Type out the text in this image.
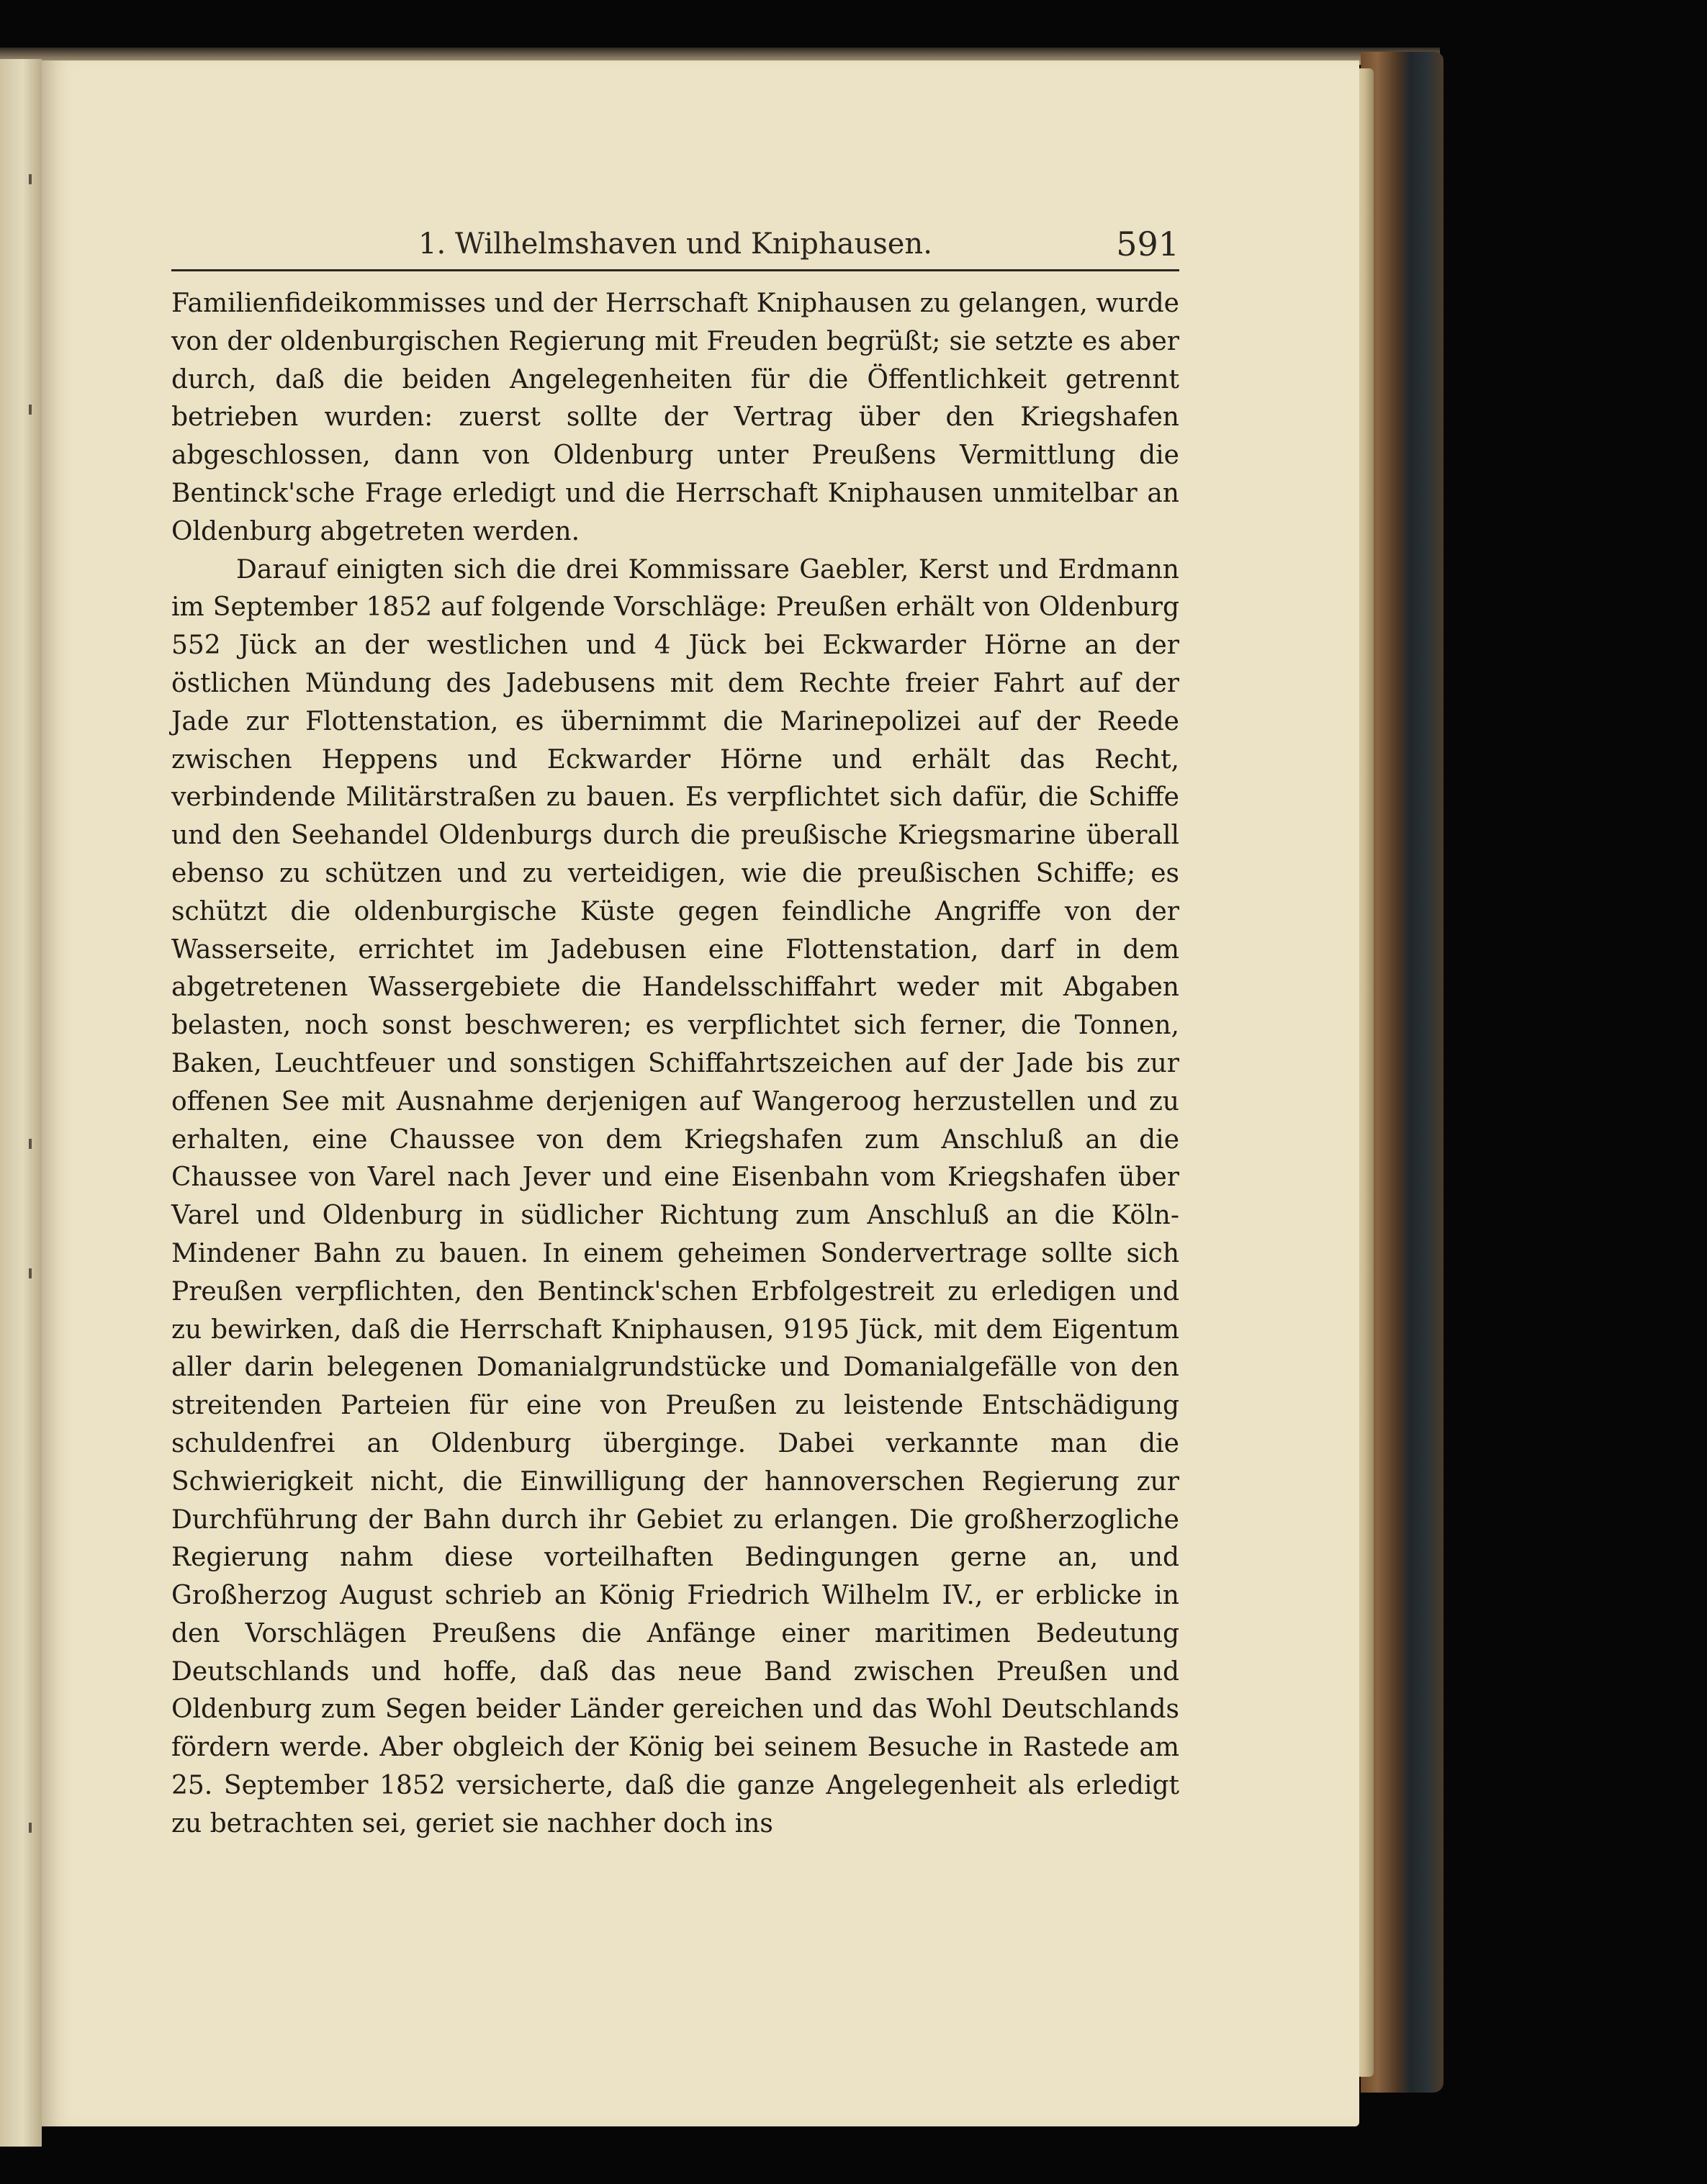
1. Wilhelmshaven und Kniphausen.	591

Familienfideikommisses und der Herrschaft Kniphausen zu gelangen, wurde von der oldenburgischen Regierung mit Freuden begrüßt; sie setzte es aber durch, daß die beiden Angelegenheiten für die Öffentlichkeit getrennt betrieben wurden: zuerst sollte der Vertrag über den Kriegshafen abgeschlossen, dann von Oldenburg unter Preußens Vermittlung die Bentinck'sche Frage erledigt und die Herrschaft Kniphausen unmitelbar an Oldenburg abgetreten werden.

Darauf einigten sich die drei Kommissare Gaebler, Kerst und Erdmann im September 1852 auf folgende Vorschläge: Preußen erhält von Oldenburg 552 Jück an der westlichen und 4 Jück bei Eckwarder Hörne an der östlichen Mündung des Jadebusens mit dem Rechte freier Fahrt auf der Jade zur Flottenstation, es übernimmt die Marinepolizei auf der Reede zwischen Heppens und Eckwarder Hörne und erhält das Recht, verbindende Militärstraßen zu bauen. Es verpflichtet sich dafür, die Schiffe und den Seehandel Oldenburgs durch die preußische Kriegsmarine überall ebenso zu schützen und zu verteidigen, wie die preußischen Schiffe; es schützt die oldenburgische Küste gegen feindliche Angriffe von der Wasserseite, errichtet im Jadebusen eine Flottenstation, darf in dem abgetretenen Wassergebiete die Handelsschiffahrt weder mit Abgaben belasten, noch sonst beschweren; es verpflichtet sich ferner, die Tonnen, Baken, Leuchtfeuer und sonstigen Schiffahrtszeichen auf der Jade bis zur offenen See mit Ausnahme derjenigen auf Wangeroog herzustellen und zu erhalten, eine Chaussee von dem Kriegshafen zum Anschluß an die Chaussee von Varel nach Jever und eine Eisenbahn vom Kriegshafen über Varel und Oldenburg in südlicher Richtung zum Anschluß an die Köln-Mindener Bahn zu bauen. In einem geheimen Sondervertrage sollte sich Preußen verpflichten, den Bentinck'schen Erbfolgestreit zu erledigen und zu bewirken, daß die Herrschaft Kniphausen, 9195 Jück, mit dem Eigentum aller darin belegenen Domanialgrundstücke und Domanialgefälle von den streitenden Parteien für eine von Preußen zu leistende Entschädigung schuldenfrei an Oldenburg überginge. Dabei verkannte man die Schwierigkeit nicht, die Einwilligung der hannoverschen Regierung zur Durchführung der Bahn durch ihr Gebiet zu erlangen. Die großherzogliche Regierung nahm diese vorteilhaften Bedingungen gerne an, und Großherzog August schrieb an König Friedrich Wilhelm IV., er erblicke in den Vorschlägen Preußens die Anfänge einer maritimen Bedeutung Deutschlands und hoffe, daß das neue Band zwischen Preußen und Oldenburg zum Segen beider Länder gereichen und das Wohl Deutschlands fördern werde. Aber obgleich der König bei seinem Besuche in Rastede am 25. September 1852 versicherte, daß die ganze Angelegenheit als erledigt zu betrachten sei, geriet sie nachher doch ins
